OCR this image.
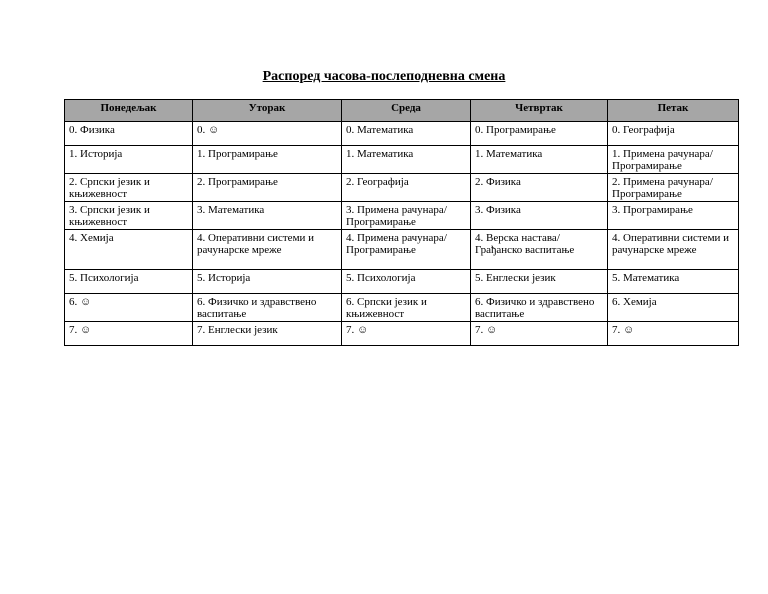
Распоред часова-послеподневна смена
Понедељак	Уторак	Среда	Четвртак	Петак
0. Физика	0. ☺	0. Математика	0. Програмирање	0. Географија
1. Историја	1. Програмирање	1. Математика	1. Математика	1. Примена рачунара/ Програмирање
2. Српски језик и књижевност	2. Програмирање	2. Географија	2. Физика	2. Примена рачунара/ Програмирање
3. Српски језик и књижевност	3. Математика	3. Примена рачунара/ Програмирање	3. Физика	3. Програмирање
4. Хемија	4. Оперативни системи и рачунарске мреже	4. Примена рачунара/ Програмирање	4. Верска настава/Грађанско васпитање	4. Оперативни системи и рачунарске мреже
5. Психологија	5. Историја	5. Психологија	5. Енглески језик	5. Математика
6. ☺	6. Физичко и здравствено васпитање	6. Српски језик и књижевност	6. Физичко и здравствено васпитање	6. Хемија
7. ☺	7. Енглески језик	7. ☺	7. ☺	7. ☺
